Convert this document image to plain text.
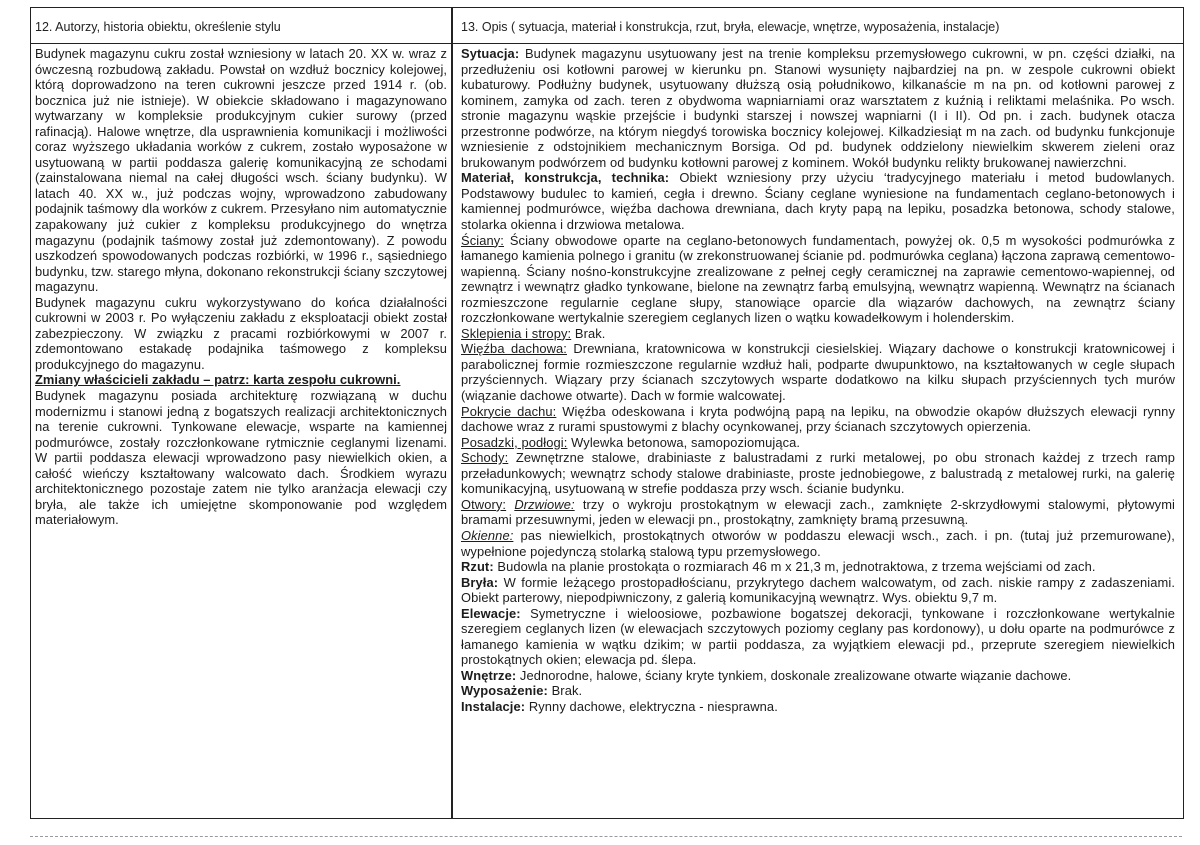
12. Autorzy, historia obiektu, określenie stylu	13. Opis ( sytuacja, materiał i konstrukcja, rzut, bryła, elewacje, wnętrze, wyposażenia, instalacje)

Budynek magazynu cukru został wzniesiony w latach 20. XX w. wraz z ówczesną rozbudową zakładu. Powstał on wzdłuż bocznicy kolejowej, którą doprowadzono na teren cukrowni jeszcze przed 1914 r. (ob. bocznica już nie istnieje). W obiekcie składowano i magazynowano wytwarzany w kompleksie produkcyjnym cukier surowy (przed rafinacją). Halowe wnętrze, dla usprawnienia komunikacji i możliwości coraz wyższego układania worków z cukrem, zostało wyposażone w usytuowaną w partii poddasza galerię komunikacyjną ze schodami (zainstalowana niemal na całej długości wsch. ściany budynku). W latach 40. XX w., już podczas wojny, wprowadzono zabudowany podajnik taśmowy dla worków z cukrem. Przesyłano nim automatycznie zapakowany już cukier z kompleksu produkcyjnego do wnętrza magazynu (podajnik taśmowy został już zdemontowany). Z powodu uszkodzeń spowodowanych podczas rozbiórki, w 1996 r., sąsiedniego budynku, tzw. starego młyna, dokonano rekonstrukcji ściany szczytowej magazynu.

Budynek magazynu cukru wykorzystywano do końca działalności cukrowni w 2003 r. Po wyłączeniu zakładu z eksploatacji obiekt został zabezpieczony. W związku z pracami rozbiórkowymi w 2007 r. zdemontowano estakadę podajnika taśmowego z kompleksu produkcyjnego do magazynu.

Zmiany właścicieli zakładu – patrz: karta zespołu cukrowni.

Budynek magazynu posiada architekturę rozwiązaną w duchu modernizmu i stanowi jedną z bogatszych realizacji architektonicznych na terenie cukrowni. Tynkowane elewacje, wsparte na kamiennej podmurówce, zostały rozczłonkowane rytmicznie ceglanymi lizenami. W partii poddasza elewacji wprowadzono pasy niewielkich okien, a całość wieńczy kształtowany walcowato dach. Środkiem wyrazu architektonicznego pozostaje zatem nie tylko aranżacja elewacji czy bryła, ale także ich umiejętne skomponowanie pod względem materiałowym.

Sytuacja: Budynek magazynu usytuowany jest na trenie kompleksu przemysłowego cukrowni, w pn. części działki, na przedłużeniu osi kotłowni parowej w kierunku pn. Stanowi wysunięty najbardziej na pn. w zespole cukrowni obiekt kubaturowy. Podłużny budynek, usytuowany dłuższą osią południkowo, kilkanaście m na pn. od kotłowni parowej z kominem, zamyka od zach. teren z obydwoma wapniarniami oraz warsztatem z kuźnią i reliktami melaśnika. Po wsch. stronie magazynu wąskie przejście i budynki starszej i nowszej wapniarni (I i II). Od pn. i zach. budynek otacza przestronne podwórze, na którym niegdyś torowiska bocznicy kolejowej. Kilkadziesiąt m na zach. od budynku funkcjonuje wzniesienie z odstojnikiem mechanicznym Borsiga. Od pd. budynek oddzielony niewielkim skwerem zieleni oraz brukowanym podwórzem od budynku kotłowni parowej z kominem. Wokół budynku relikty brukowanej nawierzchni.

Materiał, konstrukcja, technika: Obiekt wzniesiony przy użyciu ‘tradycyjnego materiału i metod budowlanych. Podstawowy budulec to kamień, cegła i drewno. Ściany ceglane wyniesione na fundamentach ceglano-betonowych i kamiennej podmurówce, więźba dachowa drewniana, dach kryty papą na lepiku, posadzka betonowa, schody stalowe, stolarka okienna i drzwiowa metalowa.

Ściany: Ściany obwodowe oparte na ceglano-betonowych fundamentach, powyżej ok. 0,5 m wysokości podmurówka z łamanego kamienia polnego i granitu (w zrekonstruowanej ścianie pd. podmurówka ceglana) łączona zaprawą cementowo-wapienną. Ściany nośno-konstrukcyjne zrealizowane z pełnej cegły ceramicznej na zaprawie cementowo-wapiennej, od zewnątrz i wewnątrz gładko tynkowane, bielone na zewnątrz farbą emulsyjną, wewnątrz wapienną. Wewnątrz na ścianach rozmieszczone regularnie ceglane słupy, stanowiące oparcie dla wiązarów dachowych, na zewnątrz ściany rozczłonkowane wertykalnie szeregiem ceglanych lizen o wątku kowadełkowym i holenderskim.

Sklepienia i stropy: Brak.

Więźba dachowa: Drewniana, kratownicowa w konstrukcji ciesielskiej. Wiązary dachowe o konstrukcji kratownicowej i parabolicznej formie rozmieszczone regularnie wzdłuż hali, podparte dwupunktowo, na kształtowanych w cegle słupach przyściennych. Wiązary przy ścianach szczytowych wsparte dodatkowo na kilku słupach przyściennych tych murów (wiązanie dachowe otwarte). Dach w formie walcowatej.

Pokrycie dachu: Więźba odeskowana i kryta podwójną papą na lepiku, na obwodzie okapów dłuższych elewacji rynny dachowe wraz z rurami spustowymi z blachy ocynkowanej, przy ścianach szczytowych opierzenia.

Posadzki, podłogi: Wylewka betonowa, samopoziomująca.

Schody: Zewnętrzne stalowe, drabiniaste z balustradami z rurki metalowej, po obu stronach każdej z trzech ramp przeładunkowych; wewnątrz schody stalowe drabiniaste, proste jednobiegowe, z balustradą z metalowej rurki, na galerię komunikacyjną, usytuowaną w strefie poddasza przy wsch. ścianie budynku.

Otwory: Drzwiowe: trzy o wykroju prostokątnym w elewacji zach., zamknięte 2-skrzydłowymi stalowymi, płytowymi bramami przesuwnymi, jeden w elewacji pn., prostokątny, zamknięty bramą przesuwną.

Okienne: pas niewielkich, prostokątnych otworów w poddaszu elewacji wsch., zach. i pn. (tutaj już przemurowane), wypełnione pojedynczą stolarką stalową typu przemysłowego.

Rzut: Budowla na planie prostokąta o rozmiarach 46 m x 21,3 m, jednotraktowa, z trzema wejściami od zach.

Bryła: W formie leżącego prostopadłościanu, przykrytego dachem walcowatym, od zach. niskie rampy z zadaszeniami. Obiekt parterowy, niepodpiwniczony, z galerią komunikacyjną wewnątrz. Wys. obiektu 9,7 m.

Elewacje: Symetryczne i wieloosiowe, pozbawione bogatszej dekoracji, tynkowane i rozczłonkowane wertykalnie szeregiem ceglanych lizen (w elewacjach szczytowych poziomy ceglany pas kordonowy), u dołu oparte na podmurówce z łamanego kamienia w wątku dzikim; w partii poddasza, za wyjątkiem elewacji pd., przeprute szeregiem niewielkich prostokątnych okien; elewacja pd. ślepa.

Wnętrze: Jednorodne, halowe, ściany kryte tynkiem, doskonale zrealizowane otwarte wiązanie dachowe.

Wyposażenie: Brak.

Instalacje: Rynny dachowe, elektryczna - niesprawna.
